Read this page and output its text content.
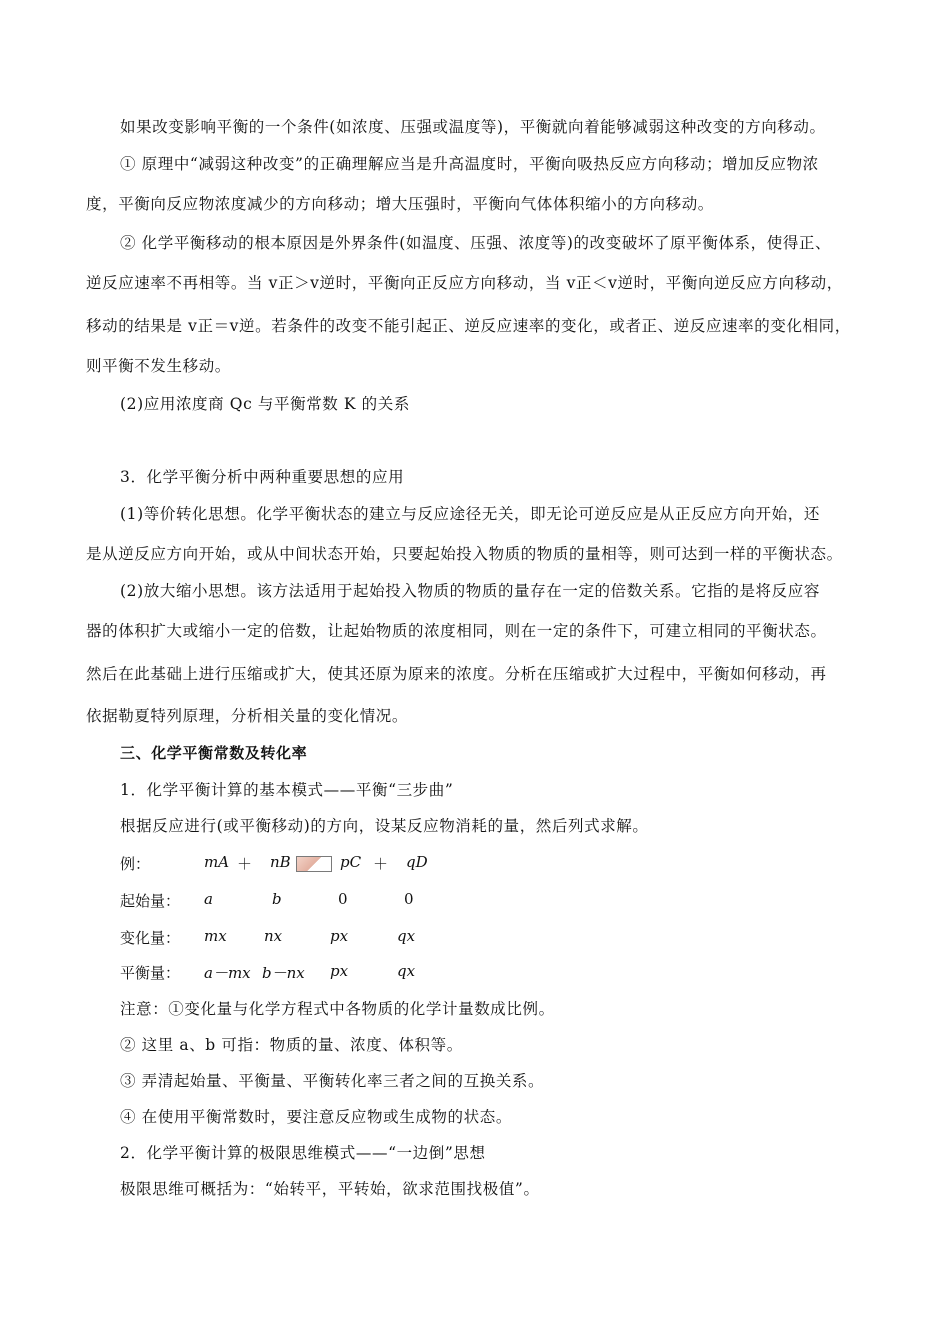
如果改变影响平衡的一个条件(如浓度、压强或温度等)，平衡就向着能够减弱这种改变的方向移动。
① 原理中“减弱这种改变”的正确理解应当是升高温度时，平衡向吸热反应方向移动；增加反应物浓
度，平衡向反应物浓度减少的方向移动；增大压强时，平衡向气体体积缩小的方向移动。
② 化学平衡移动的根本原因是外界条件(如温度、压强、浓度等)的改变破坏了原平衡体系，使得正、
逆反应速率不再相等。当 v正＞v逆时，平衡向正反应方向移动，当 v正＜v逆时，平衡向逆反应方向移动，
移动的结果是 v正＝v逆。若条件的改变不能引起正、逆反应速率的变化，或者正、逆反应速率的变化相同，
则平衡不发生移动。
(2)应用浓度商 Qc 与平衡常数 K 的关系
3．化学平衡分析中两种重要思想的应用
(1)等价转化思想。化学平衡状态的建立与反应途径无关，即无论可逆反应是从正反应方向开始，还
是从逆反应方向开始，或从中间状态开始，只要起始投入物质的物质的量相等，则可达到一样的平衡状态。
(2)放大缩小思想。该方法适用于起始投入物质的物质的量存在一定的倍数关系。它指的是将反应容
器的体积扩大或缩小一定的倍数，让起始物质的浓度相同，则在一定的条件下，可建立相同的平衡状态。
然后在此基础上进行压缩或扩大，使其还原为原来的浓度。分析在压缩或扩大过程中，平衡如何移动，再
依据勒夏特列原理，分析相关量的变化情况。
三、化学平衡常数及转化率
1．化学平衡计算的基本模式——平衡“三步曲”
根据反应进行(或平衡移动)的方向，设某反应物消耗的量，然后列式求解。
例：	mA ＋ nB	pC ＋ qD
起始量： a	b	0	0
变化量： mx nx	px	qx
平衡量： a－mx b－nx px	qx
注意：①变化量与化学方程式中各物质的化学计量数成比例。
② 这里 a、b 可指：物质的量、浓度、体积等。
③ 弄清起始量、平衡量、平衡转化率三者之间的互换关系。
④ 在使用平衡常数时，要注意反应物或生成物的状态。
2．化学平衡计算的极限思维模式——“一边倒”思想
极限思维可概括为：“始转平，平转始，欲求范围找极值”。
